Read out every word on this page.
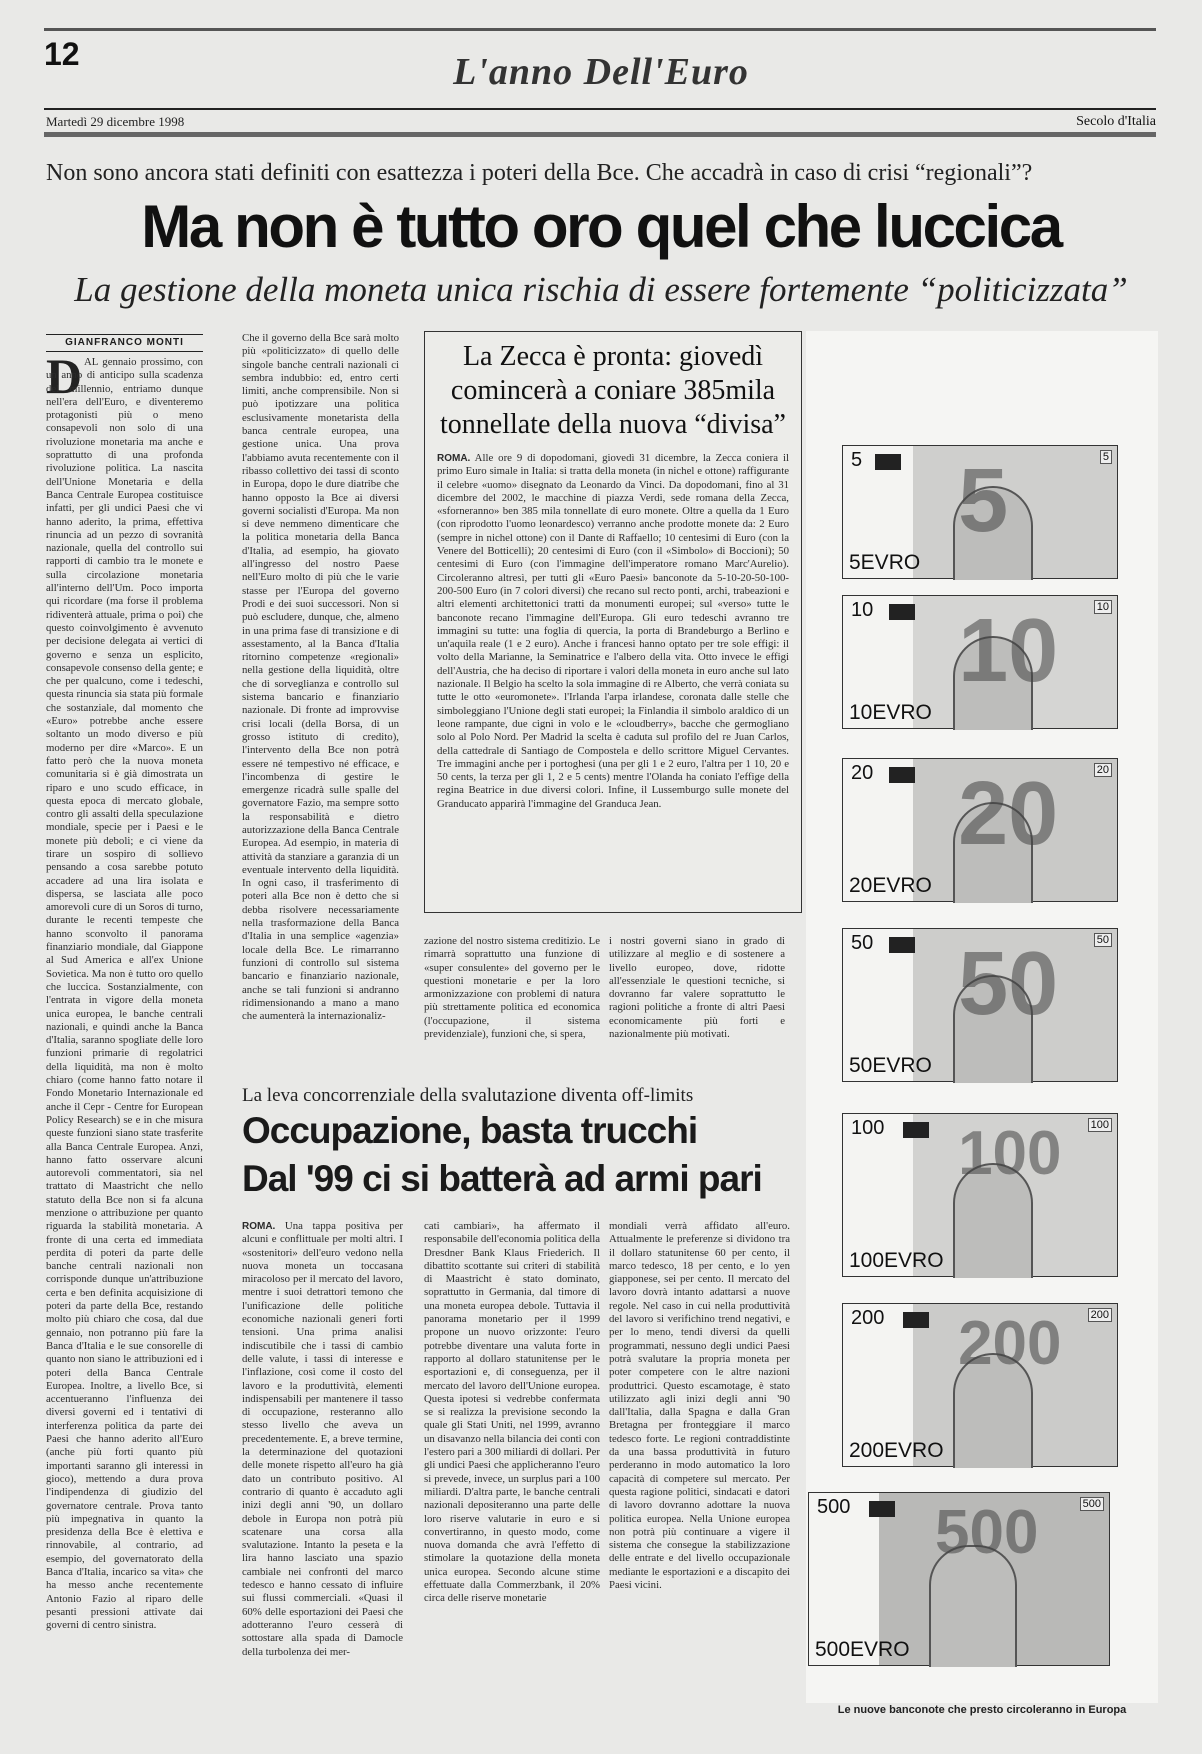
12	L'anno Dell'Euro
Martedì 29 dicembre 1998	Secolo d'Italia
Non sono ancora stati definiti con esattezza i poteri della Bce. Che accadrà in caso di crisi “regionali”?
Ma non è tutto oro quel che luccica
La gestione della moneta unica rischia di essere fortemente “politicizzata”
GIANFRANCO MONTI
D AL gennaio prossimo, con un anno di anticipo sulla scadenza del millennio, entriamo dunque nell'era dell'Euro, e diventeremo protagonisti più o meno consapevoli non solo di una rivoluzione monetaria ma anche e soprattutto di una profonda rivoluzione politica. La nascita dell'Unione Monetaria e della Banca Centrale Europea costituisce infatti, per gli undici Paesi che vi hanno aderito, la prima, effettiva rinuncia ad un pezzo di sovranità nazionale, quella del controllo sui rapporti di cambio tra le monete e sulla circolazione monetaria all'interno dell'Um. Poco importa qui ricordare (ma forse il problema ridiventerà attuale, prima o poi) che questo coinvolgimento è avvenuto per decisione delegata ai vertici di governo e senza un esplicito, consapevole consenso della gente; e che per qualcuno, come i tedeschi, questa rinuncia sia stata più formale che sostanziale, dal momento che «Euro» potrebbe anche essere soltanto un modo diverso e più moderno per dire «Marco». E un fatto però che la nuova moneta comunitaria si è già dimostrata un riparo e uno scudo efficace, in questa epoca di mercato globale, contro gli assalti della speculazione mondiale, specie per i Paesi e le monete più deboli; e ci viene da tirare un sospiro di sollievo pensando a cosa sarebbe potuto accadere ad una lira isolata e dispersa, se lasciata alle poco amorevoli cure di un Soros di turno, durante le recenti tempeste che hanno sconvolto il panorama finanziario mondiale, dal Giappone al Sud America e all'ex Unione Sovietica. Ma non è tutto oro quello che luccica. Sostanzialmente, con l'entrata in vigore della moneta unica europea, le banche centrali nazionali, e quindi anche la Banca d'Italia, saranno spogliate delle loro funzioni primarie di regolatrici della liquidità, ma non è molto chiaro (come hanno fatto notare il Fondo Monetario Internazionale ed anche il Cepr - Centre for European Policy Research) se e in che misura queste funzioni siano state trasferite alla Banca Centrale Europea. Anzi, hanno fatto osservare alcuni autorevoli commentatori, sia nel trattato di Maastricht che nello statuto della Bce non si fa alcuna menzione o attribuzione per quanto riguarda la stabilità monetaria. A fronte di una certa ed immediata perdita di poteri da parte delle banche centrali nazionali non corrisponde dunque un'attribuzione certa e ben definita acquisizione di poteri da parte della Bce, restando molto più chiaro che cosa, dal due gennaio, non potranno più fare la Banca d'Italia e le sue consorelle di quanto non siano le attribuzioni ed i poteri della Banca Centrale Europea. Inoltre, a livello Bce, si accentueranno l'influenza dei diversi governi ed i tentativi di interferenza politica da parte dei Paesi che hanno aderito all'Euro (anche più forti quanto più importanti saranno gli interessi in gioco), mettendo a dura prova l'indipendenza di giudizio del governatore centrale. Prova tanto più impegnativa in quanto la presidenza della Bce è elettiva e rinnovabile, al contrario, ad esempio, del governatorato della Banca d'Italia, incarico sa vita» che ha messo anche recentemente Antonio Fazio al riparo delle pesanti pressioni attivate dai governi di centro sinistra.

Che il governo della Bce sarà molto più «politicizzato» di quello delle singole banche centrali nazionali ci sembra indubbio: ed, entro certi limiti, anche comprensibile. Non si può ipotizzare una politica esclusivamente monetarista della banca centrale europea, una gestione unica. Una prova l'abbiamo avuta recentemente con il ribasso collettivo dei tassi di sconto in Europa, dopo le dure diatribe che hanno opposto la Bce ai diversi governi socialisti d'Europa. Ma non si deve nemmeno dimenticare che la politica monetaria della Banca d'Italia, ad esempio, ha giovato all'ingresso del nostro Paese nell'Euro molto di più che le varie stasse per l'Europa del governo Prodi e dei suoi successori. Non si può escludere, dunque, che, almeno in una prima fase di transizione e di assestamento, al la Banca d'Italia ritornino competenze «regionali» nella gestione della liquidità, oltre che di sorveglianza e controllo sul sistema bancario e finanziario nazionale. Di fronte ad improvvise crisi locali (della Borsa, di un grosso istituto di credito), l'intervento della Bce non potrà essere né tempestivo né efficace, e l'incombenza di gestire le emergenze ricadrà sulle spalle del governatore Fazio, ma sempre sotto la responsabilità e dietro autorizzazione della Banca Centrale Europea. Ad esempio, in materia di attività da stanziare a garanzia di un eventuale intervento della liquidità. In ogni caso, il trasferimento di poteri alla Bce non è detto che si debba risolvere necessariamente nella trasformazione della Banca d'Italia in una semplice «agenzia» locale della Bce. Le rimarranno funzioni di controllo sul sistema bancario e finanziario nazionale, anche se tali funzioni si andranno ridimensionando a mano a mano che aumenterà la internazionaliz-

La Zecca è pronta: giovedì comincerà a coniare 385mila tonnellate della nuova “divisa”
ROMA. Alle ore 9 di dopodomani, giovedì 31 dicembre, la Zecca coniera il primo Euro simale in Italia: si tratta della moneta (in nichel e ottone) raffigurante il celebre «uomo» disegnato da Leonardo da Vinci. Da dopodomani, fino al 31 dicembre del 2002, le macchine di piazza Verdi, sede romana della Zecca, «sforneranno» ben 385 mila tonnellate di euro monete. Oltre a quella da 1 Euro (con riprodotto l'uomo leonardesco) verranno anche prodotte monete da: 2 Euro (sempre in nichel ottone) con il Dante di Raffaello; 10 centesimi di Euro (con la Venere del Botticelli); 20 centesimi di Euro (con il «Simbolo» di Boccioni); 50 centesimi di Euro (con l'immagine dell'imperatore romano Marc'Aurelio). Circoleranno altresì, per tutti gli «Euro Paesi» banconote da 5-10-20-50-100-200-500 Euro (in 7 colori diversi) che recano sul recto ponti, archi, trabeazioni e altri elementi architettonici tratti da monumenti europei; sul «verso» tutte le banconote recano l'immagine dell'Europa. Gli euro tedeschi avranno tre immagini su tutte: una foglia di quercia, la porta di Brandeburgo a Berlino e un'aquila reale (1 e 2 euro). Anche i francesi hanno optato per tre sole effigi: il volto della Marianne, la Seminatrice e l'albero della vita. Otto invece le effigi dell'Austria, che ha deciso di riportare i valori della moneta in euro anche sul lato nazionale. Il Belgio ha scelto la sola immagine di re Alberto, che verrà coniata su tutte le otto «euromonete». l'Irlanda l'arpa irlandese, coronata dalle stelle che simboleggiano l'Unione degli stati europei; la Finlandia il simbolo araldico di un leone rampante, due cigni in volo e le «cloudberry», bacche che germogliano solo al Polo Nord. Per Madrid la scelta è caduta sul profilo del re Juan Carlos, della cattedrale di Santiago de Compostela e dello scrittore Miguel Cervantes. Tre immagini anche per i portoghesi (una per gli 1 e 2 euro, l'altra per 1 10, 20 e 50 cents, la terza per gli 1, 2 e 5 cents) mentre l'Olanda ha coniato l'effige della regina Beatrice in due diversi colori. Infine, il Lussemburgo sulle monete del Granducato apparirà l'immagine del Granduca Jean.

zazione del nostro sistema creditizio. Le rimarrà soprattutto una funzione di «super consulente» del governo per le questioni monetarie e per la loro armonizzazione con problemi di natura più strettamente politica ed economica (l'occupazione, il sistema previdenziale), funzioni che, si spera,

i nostri governi siano in grado di utilizzare al meglio e di sostenere a livello europeo, dove, ridotte all'essenziale le questioni tecniche, si dovranno far valere soprattutto le ragioni politiche a fronte di altri Paesi economicamente più forti e nazionalmente più motivati.

La leva concorrenziale della svalutazione diventa off-limits
Occupazione, basta trucchi
Dal '99 ci si batterà ad armi pari

ROMA. Una tappa positiva per alcuni e conflittuale per molti altri. I «sostenitori» dell'euro vedono nella nuova moneta un toccasana miracoloso per il mercato del lavoro, mentre i suoi detrattori temono che l'unificazione delle politiche economiche nazionali generi forti tensioni. Una prima analisi indiscutibile che i tassi di cambio delle valute, i tassi di interesse e l'inflazione, così come il costo del lavoro e la produttività, elementi indispensabili per mantenere il tasso di occupazione, resteranno allo stesso livello che aveva un precedentemente. E, a breve termine, la determinazione del quotazioni delle monete rispetto all'euro ha già dato un contributo positivo. Al contrario di quanto è accaduto agli inizi degli anni '90, un dollaro debole in Europa non potrà più scatenare una corsa alla svalutazione. Intanto la peseta e la lira hanno lasciato una spazio cambiale nei confronti del marco tedesco e hanno cessato di influire sui flussi commerciali. «Quasi il 60% delle esportazioni dei Paesi che adotteranno l'euro cesserà di sottostare alla spada di Damocle della turbolenza dei mer-

cati cambiari», ha affermato il responsabile dell'economia politica della Dresdner Bank Klaus Friederich. Il dibattito scottante sui criteri di stabilità di Maastricht è stato dominato, soprattutto in Germania, dal timore di una moneta europea debole. Tuttavia il panorama monetario per il 1999 propone un nuovo orizzonte: l'euro potrebbe diventare una valuta forte in rapporto al dollaro statunitense per le esportazioni e, di conseguenza, per il mercato del lavoro dell'Unione europea. Questa ipotesi si vedrebbe confermata se si realizza la previsione secondo la quale gli Stati Uniti, nel 1999, avranno un disavanzo nella bilancia dei conti con l'estero pari a 300 miliardi di dollari. Per gli undici Paesi che applicheranno l'euro si prevede, invece, un surplus pari a 100 miliardi. D'altra parte, le banche centrali nazionali depositeranno una parte delle loro riserve valutarie in euro e si convertiranno, in questo modo, come nuova domanda che avrà l'effetto di stimolare la quotazione della moneta unica europea. Secondo alcune stime effettuate dalla Commerzbank, il 20% circa delle riserve monetarie

mondiali verrà affidato all'euro. Attualmente le preferenze si dividono tra il dollaro statunitense 60 per cento, il marco tedesco, 18 per cento, e lo yen giapponese, sei per cento. Il mercato del lavoro dovrà intanto adattarsi a nuove regole. Nel caso in cui nella produttività del lavoro si verifichino trend negativi, e per lo meno, tendi diversi da quelli programmati, nessuno degli undici Paesi potrà svalutare la propria moneta per poter competere con le altre nazioni produttrici. Questo escamotage, è stato utilizzato agli inizi degli anni '90 dall'Italia, dalla Spagna e dalla Gran Bretagna per fronteggiare il marco tedesco forte. Le regioni contraddistinte da una bassa produttività in futuro perderanno in modo automatico la loro capacità di competere sul mercato. Per questa ragione politici, sindacati e datori di lavoro dovranno adottare la nuova politica europea. Nella Unione europea non potrà più continuare a vigere il sistema che consegue la stabilizzazione delle entrate e del livello occupazionale mediante le esportazioni e a discapito dei Paesi vicini.

5
5	5
5EVRO
10
10	10
10EVRO
20
20	20
20EVRO
50
50	50
50EVRO
100
100	100
100EVRO
200
200	200
200EVRO
500
500	500
500EVRO
Le nuove banconote che presto circoleranno in Europa
